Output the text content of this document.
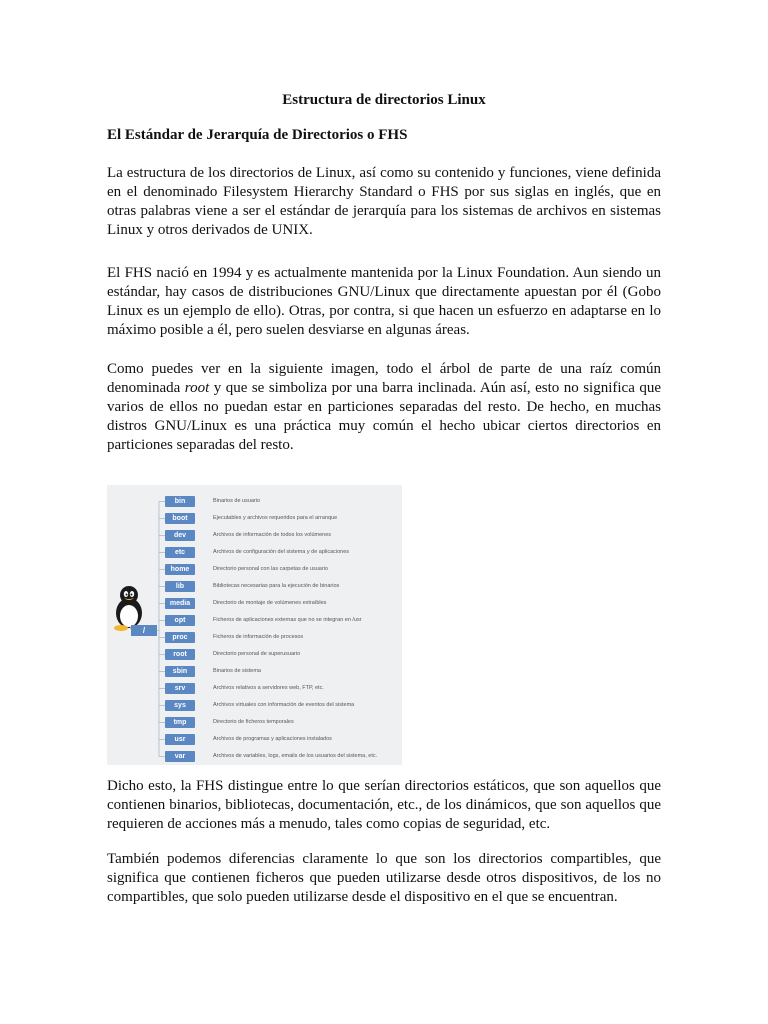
Estructura de directorios Linux
El Estándar de Jerarquía de Directorios o FHS

La estructura de los directorios de Linux, así como su contenido y funciones, viene definida en el denominado Filesystem Hierarchy Standard o FHS por sus siglas en inglés, que en otras palabras viene a ser el estándar de jerarquía para los sistemas de archivos en sistemas Linux y otros derivados de UNIX.

El FHS nació en 1994 y es actualmente mantenida por la Linux Foundation. Aun siendo un estándar, hay casos de distribuciones GNU/Linux que directamente apuestan por él (Gobo Linux es un ejemplo de ello). Otras, por contra, si que hacen un esfuerzo en adaptarse en lo máximo posible a él, pero suelen desviarse en algunas áreas.

Como puedes ver en la siguiente imagen, todo el árbol de parte de una raíz común denominada root y que se simboliza por una barra inclinada. Aún así, esto no significa que varios de ellos no puedan estar en particiones separadas del resto. De hecho, en muchas distros GNU/Linux es una práctica muy común el hecho ubicar ciertos directorios en particiones separadas del resto.

/
bin	Binarios de usuario
boot	Ejecutables y archivos requeridos para el arranque
dev	Archivos de información de todos los volúmenes
etc	Archivos de configuración del sistema y de aplicaciones
home	Directorio personal con las carpetas de usuario
lib	Bibliotecas necesarias para la ejecución de binarios
media	Directorio de montaje de volúmenes extraíbles
opt	Ficheros de aplicaciones externas que no se integran en /usr
proc	Ficheros de información de procesos
root	Directorio personal de superusuario
sbin	Binarios de sistema
srv	Archivos relativos a servidores web, FTP, etc.
sys	Archivos virtuales con información de eventos del sistema
tmp	Directorio de ficheros temporales
usr	Archivos de programas y aplicaciones instalados
var	Archivos de variables, logs, emails de los usuarios del sistema, etc.

Dicho esto, la FHS distingue entre lo que serían directorios estáticos, que son aquellos que contienen binarios, bibliotecas, documentación, etc., de los dinámicos, que son aquellos que requieren de acciones más a menudo, tales como copias de seguridad, etc.

También podemos diferencias claramente lo que son los directorios compartibles, que significa que contienen ficheros que pueden utilizarse desde otros dispositivos, de los no compartibles, que solo pueden utilizarse desde el dispositivo en el que se encuentran.
